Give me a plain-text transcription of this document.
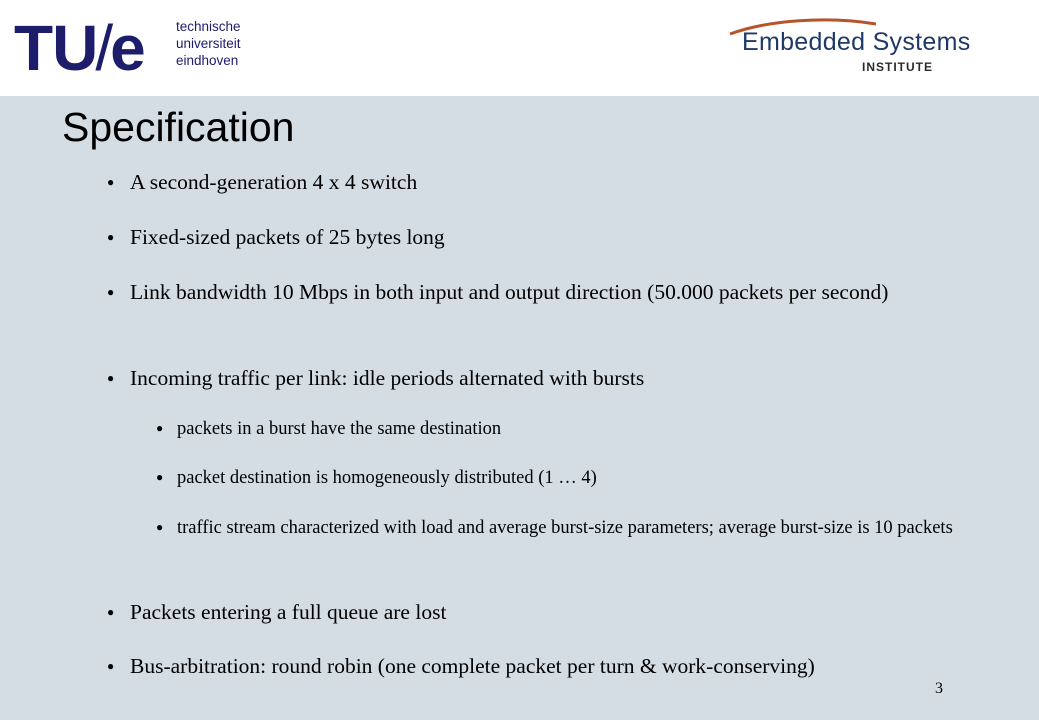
TU/e technische
universiteit
eindhoven
Embedded Systems
INSTITUTE
Specification
● A second-generation 4 x 4 switch
● Fixed-sized packets of 25 bytes long
● Link bandwidth 10 Mbps in both input and output direction (50.000 packets per second)
● Incoming traffic per link: idle periods alternated with bursts
● packets in a burst have the same destination
● packet destination is homogeneously distributed (1 … 4)
● traffic stream characterized with load and average burst-size parameters; average burst-size is 10 packets
● Packets entering a full queue are lost
● Bus-arbitration: round robin (one complete packet per turn & work-conserving)
3
